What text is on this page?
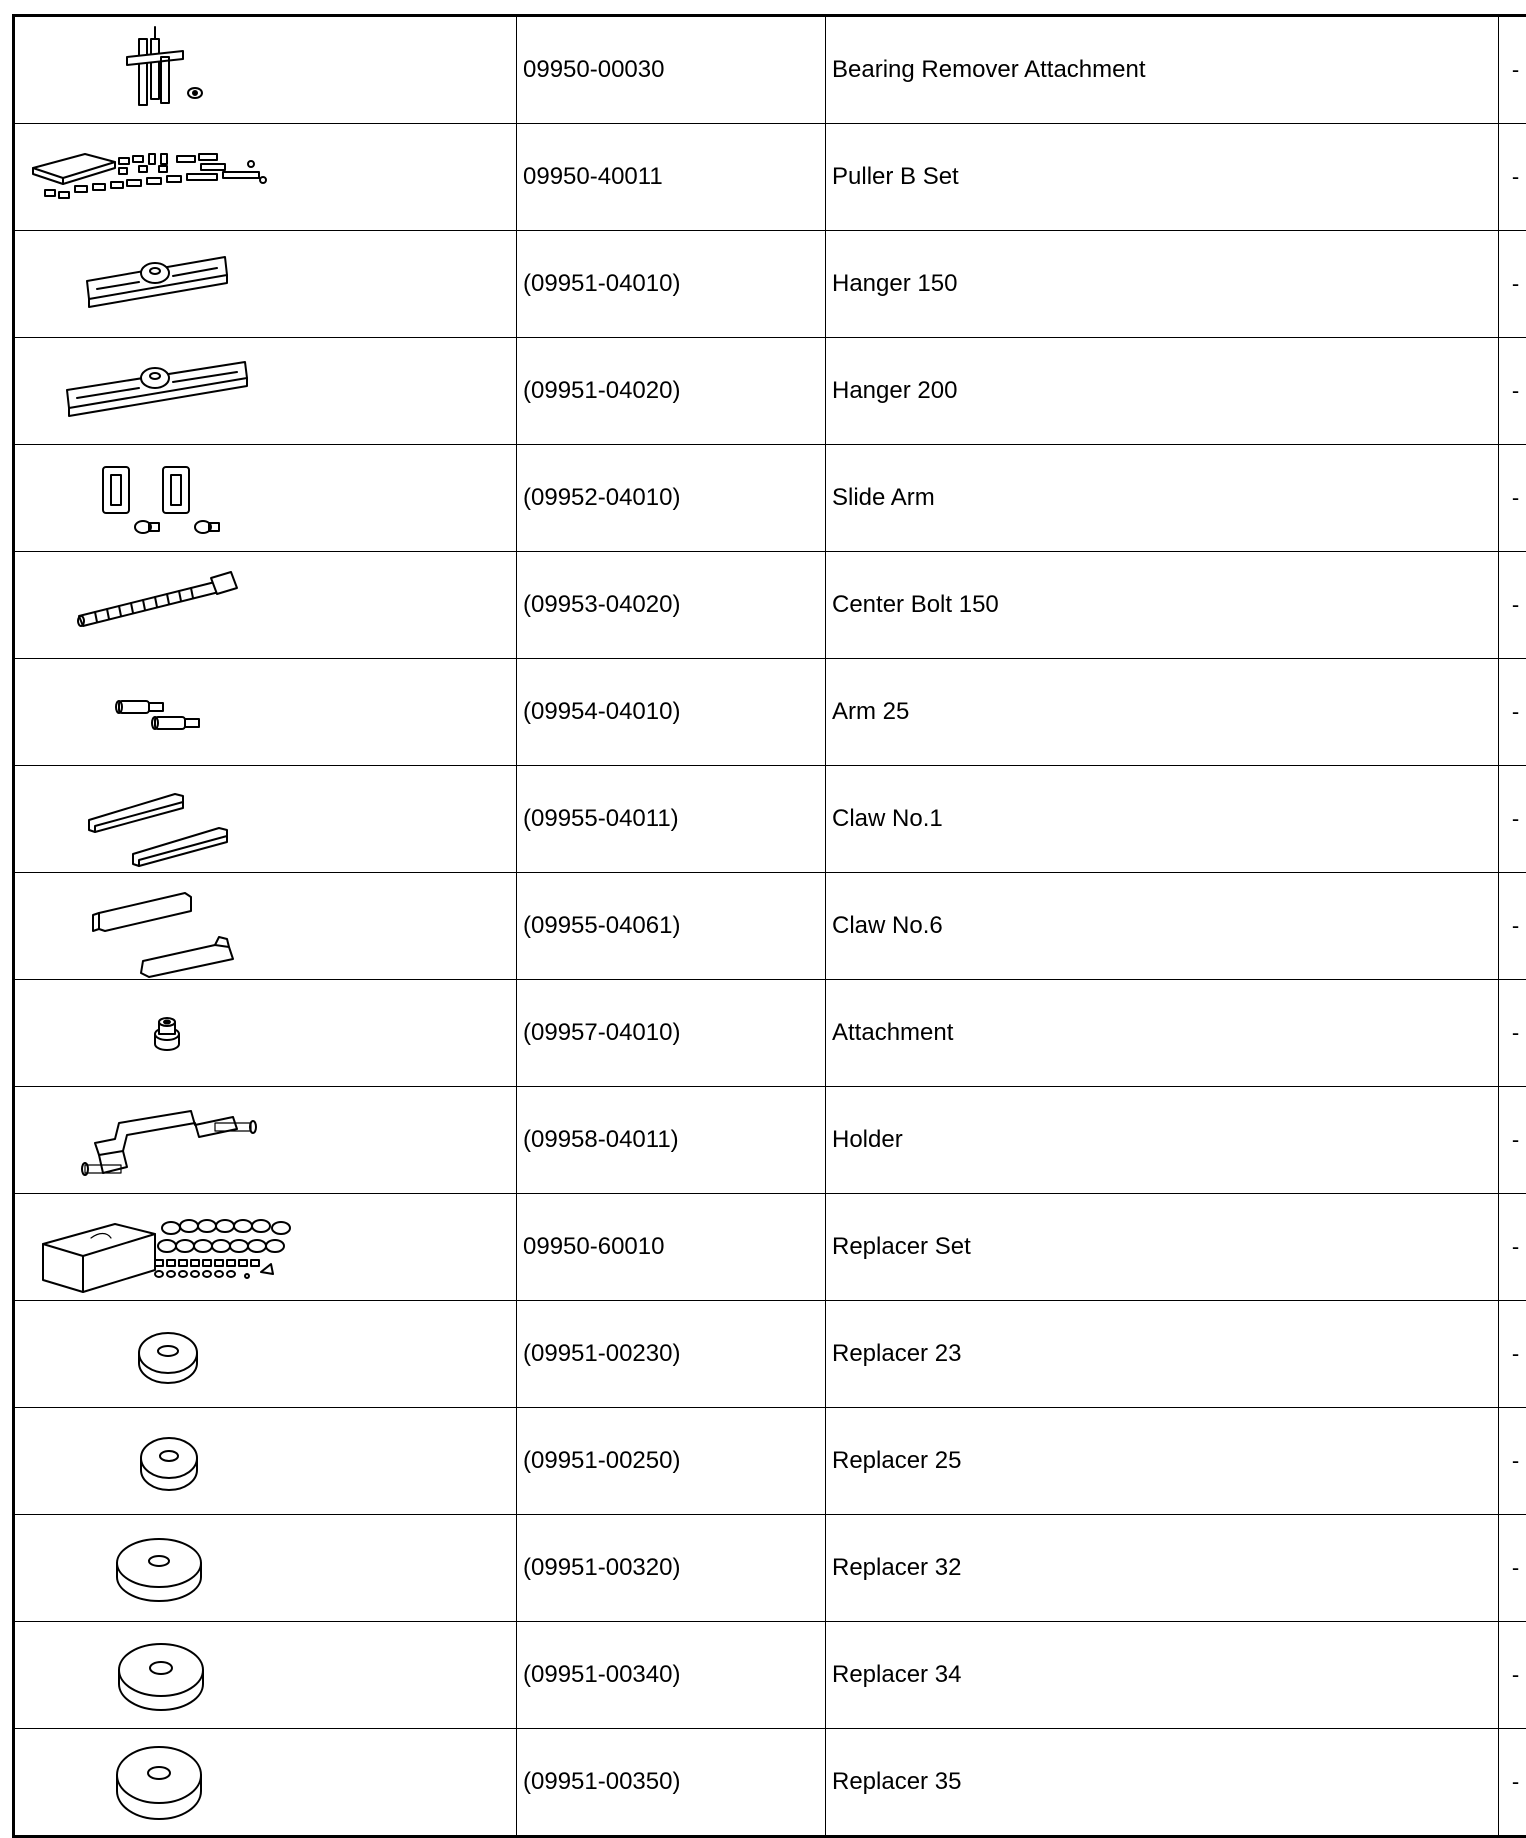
	09950-00030	Bearing Remover Attachment	-

	09950-40011	Puller B Set	-

	(09951-04010)	Hanger 150	-

	(09951-04020)	Hanger 200	-

	(09952-04010)	Slide Arm	-

	(09953-04020)	Center Bolt 150	-

	(09954-04010)	Arm 25	-

	(09955-04011)	Claw No.1	-

	(09955-04061)	Claw No.6	-

	(09957-04010)	Attachment	-

	(09958-04011)	Holder	-

	09950-60010	Replacer Set	-

	(09951-00230)	Replacer 23	-

	(09951-00250)	Replacer 25	-

	(09951-00320)	Replacer 32	-

	(09951-00340)	Replacer 34	-

	(09951-00350)	Replacer 35	-
